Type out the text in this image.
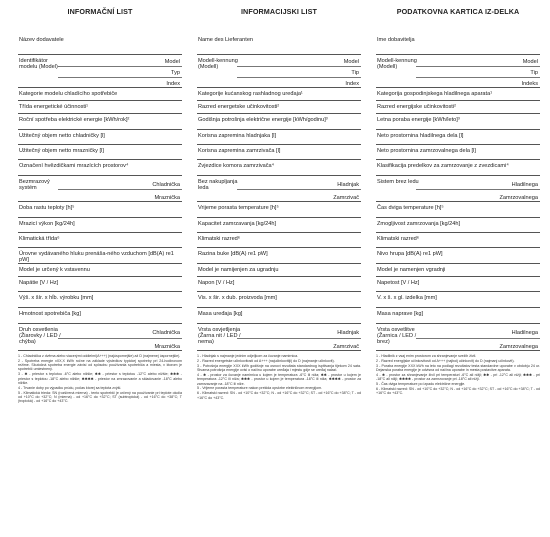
INFORMAČNÍ LIST
Název dodavatele
Identifikátor modelu (Model)
Model
Typ
Index
Kategorie modelu chladícího spotřebiče
Třída energetické účinnosti¹
Roční spotřeba elektrické energie [kWh/rok]²
Užitečný objem netto chladničky [l]
Užitečný objem netto mrazničky [l]
Označení hvězdičkami mrazících prostorov⁴
Bezmrazový systém
Chladnička
Mraznička
Doba rastu teploty [h]⁵
Mrazicí výkon [kg/24h]
Klimatická třída⁶
Úrovne vydávaného hluku prenáša-ného vzduchom [dB(A) re1 pW]
Model je určený k vstavennu
Napätie [V / Hz]
Výš. x šír. x hĺb. výrobku [mm]
Hmotnost spotrebiča [kg]
Druh osvetlenia (Žiarovky / LED / chýba)
Chladnička
Mraznička

1 - Chladnička z dvěma alebo viacerými oddielmi(A+++) (najúspornejšie) až D (najmenej úspornejšie).

2 - Spotreba energie xXX,X kWh ročne na základe výsledkov typickej spotreby pri 24-hodinovom režime. Skutočná spotreba energie závisí od spôsobu používania spotrebiča a miesta, v ktorom je spotrebič umiestnený.

3 - ✱ - priestor s teplotou -6°C alebo nižšie; ✱✱ - priestor s teplotou -12°C alebo nižšie; ✱✱✱ - priestor s teplotou -18°C alebo nižšie; ✱✱✱✱ - priestor na zmrazovanie a skladovanie -18°C alebo nižšie.

4 - Trvanie doby po výpadku prúdu, počas ktorej sa teplota zvýši.

5 - Klimatická trieda: SN (rozšírená mierna) - tento spotrebič je určený na používanie pri teplote okolia od +10°C do +32°C; N (mierna) - od +16°C do +32°C; ST (subtropická) - od +16°C do +38°C; T (tropická) - od +16°C do +43°C.

INFORMACIJSKI LIST
Name des Lieferanten
Modell-kennung (Modell)
Model
Tip
Index
Kategorije kućanskog rashladnog uređaja¹
Razred energetske učinkovitosti²
Godišnja potrošnja električne energije [kWh/godinu]³
Korisna zapremina hladnjaka [l]
Korisna zapremina zamrzivača [l]
Zvjezdice komora zamrzivača⁴
Bez nakupljanja leda
Hladnjak
Zamrzivač
Vrijeme porasta temperature [h]⁵
Kapacitet zamrzavanja [kg/24h]
Klimatski razred⁶
Razina buke [dB(A) re1 pW]
Model je namijenjen za ugradnju
Napon [V / Hz]
Vis. x šir. x dub. proizvoda [mm]
Masa uređaja [kg]
Vrsta osvjetljenja (Žarna nit / LED / nema)
Hladnjak
Zamrzivač

1 - Hladnjak s najmanje jednim odjeljkom za čuvanje namirnica.

2 - Razred energetske učinkovitosti od A+++ (najučinkovitiji) do D (najmanje učinkovit).

3 - Potrošnja energije XXX kWh godišnje na osnovi rezultata standardnog ispitivanja tijekom 24 sata. Stvarna potrošnja energije ovisi o načinu uporabe uređaja i mjestu gdje se uređaj nalazi.

4 - ✱ - prostor za čuvanje namirnica u kojem je temperatura -6°C ili niža; ✱✱ - prostor u kojem je temperatura -12°C ili niža; ✱✱✱ - prostor u kojem je temperatura -18°C ili niža; ✱✱✱✱ - prostor za zamrzavanje na -18°C ili niže.

5 - Vrijeme porasta temperature nakon prekida opskrbe električnom energijom.

6 - Klimatski razred: SN - od +10°C do +32°C; N - od +16°C do +32°C; ST - od +16°C do +38°C; T - od +16°C do +43°C.

PODATKOVNA KARTICA IZ-DELKA
Ime dobavitelja
Modell-kennung (Modell)
Model
Tip
Indeks
Kategorija gospodinjskega hladilnega aparata¹
Razred energijske učinkovitosti²
Letna poraba energije [kWh/leto]³
Neto prostornina hladilnega dela [l]
Neto prostornina zamrzovalnega dela [l]
Klasifikacija predelkov za zamrzovanje z zvezdicami⁴
Sistem brez ledu	Hladilnega
Zamrzovalnega
Čas dviga temperature [h]⁵
Zmogljivost zamrzovanja [kg/24h]
Klimatski razred⁶
Nivo hrupa [dB(A) re1 pW]
Model je namenjen vgradnji
Napetost [V / Hz]
V. x š. x gl. izdelka [mm]
Masa naprave [kg]
Vrsta osvetlitve (Žarnica / LED / brez)
Hladilnega
Zamrzovalnega

1 - Hladilnik z vsaj enim prostorom za shranjevanje svežih živil.

2 - Razred energijske učinkovitosti od A+++ (najbolj učinkovit) do D (najmanj učinkovit).

3 - Poraba energije XXX kWh na leto na podlagi rezultatov testa standardne uporabe v obdobju 24 ur. Dejanska poraba energije je odvisna od načina uporabe in mesta postavitve aparata.

4 - ✱ - prostor za shranjevanje živil pri temperaturi -6°C ali nižji; ✱✱ - pri -12°C ali nižji; ✱✱✱ - pri -18°C ali nižji; ✱✱✱✱ - prostor za zamrzovanje pri -18°C ali nižji.

5 - Čas dviga temperature po izpadu električne energije.

6 - Klimatski razred: SN - od +10°C do +32°C; N - od +16°C do +32°C; ST - od +16°C do +38°C; T - od +16°C do +43°C.
